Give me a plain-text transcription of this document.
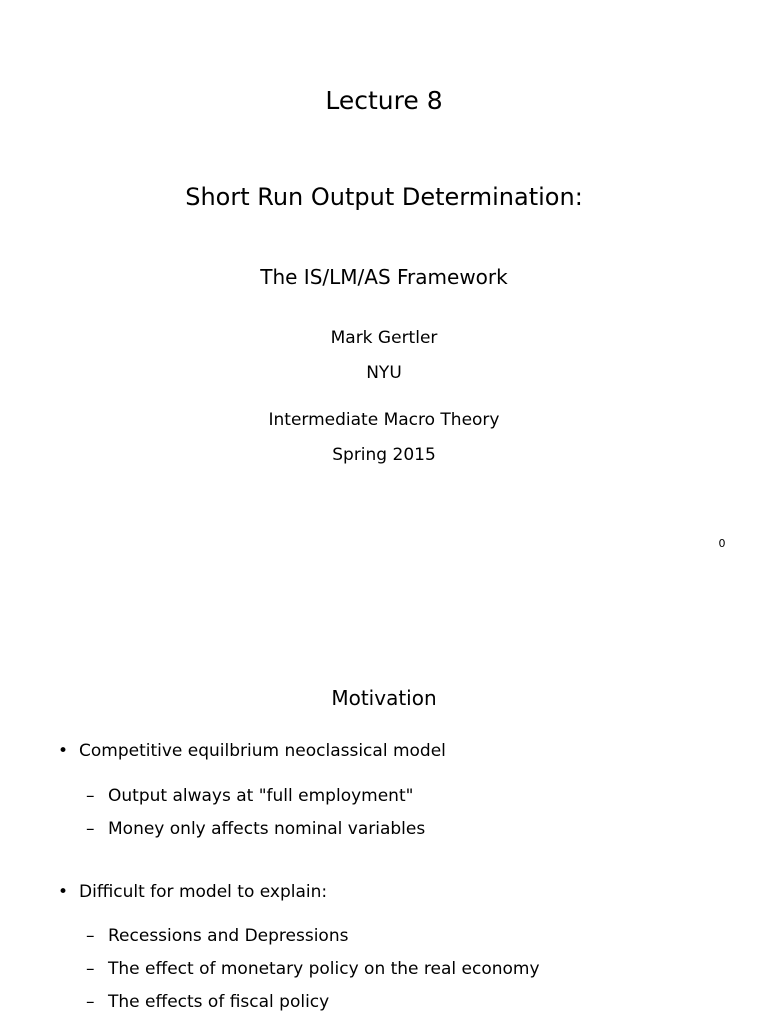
Lecture 8
Short Run Output Determination:
The IS/LM/AS Framework
Mark Gertler
NYU
Intermediate Macro Theory
Spring 2015
0
Motivation
• Competitive equilbrium neoclassical model
– Output always at "full employment"
– Money only affects nominal variables
• Difficult for model to explain:
– Recessions and Depressions
– The effect of monetary policy on the real economy
– The effects of fiscal policy
